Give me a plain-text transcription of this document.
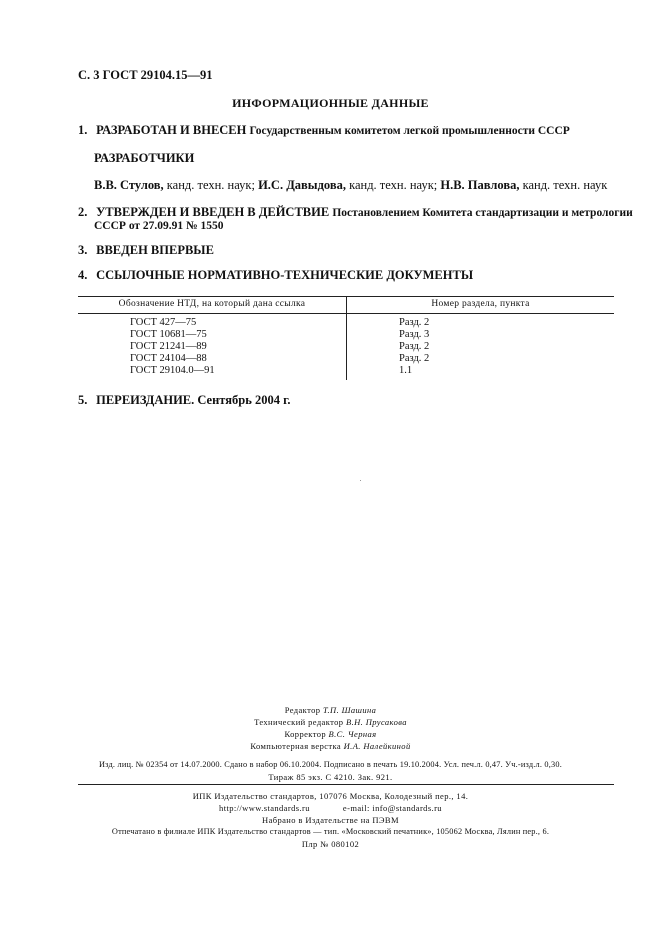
С. 3 ГОСТ 29104.15—91
ИНФОРМАЦИОННЫЕ ДАННЫЕ
1. РАЗРАБОТАН И ВНЕСЕН Государственным комитетом легкой промышленности СССР
РАЗРАБОТЧИКИ
В.В. Стулов, канд. техн. наук; И.С. Давыдова, канд. техн. наук; Н.В. Павлова, канд. техн. наук
2. УТВЕРЖДЕН И ВВЕДЕН В ДЕЙСТВИЕ Постановлением Комитета стандартизации и метрологии
СССР от 27.09.91 № 1550
3. ВВЕДЕН ВПЕРВЫЕ
4. ССЫЛОЧНЫЕ НОРМАТИВНО-ТЕХНИЧЕСКИЕ ДОКУМЕНТЫ
Обозначение НТД, на который дана ссылка	Номер раздела, пункта
ГОСТ 427—75	Разд. 2
ГОСТ 10681—75	Разд. 3
ГОСТ 21241—89	Разд. 2
ГОСТ 24104—88	Разд. 2
ГОСТ 29104.0—91	1.1
5. ПЕРЕИЗДАНИЕ. Сентябрь 2004 г.
Редактор Т.П. Шашина
Технический редактор В.Н. Прусакова
Корректор В.С. Черная
Компьютерная верстка И.А. Налейкиной
Изд. лиц. № 02354 от 14.07.2000. Сдано в набор 06.10.2004. Подписано в печать 19.10.2004. Усл. печ.л. 0,47. Уч.-изд.л. 0,30.
Тираж 85 экз. С 4210. Зак. 921.
ИПК Издательство стандартов, 107076 Москва, Колодезный пер., 14.
http://www.standards.ru	e-mail: info@standards.ru
Набрано в Издательстве на ПЭВМ
Отпечатано в филиале ИПК Издательство стандартов — тип. «Московский печатник», 105062 Москва, Лялин пер., 6.
Плр № 080102
